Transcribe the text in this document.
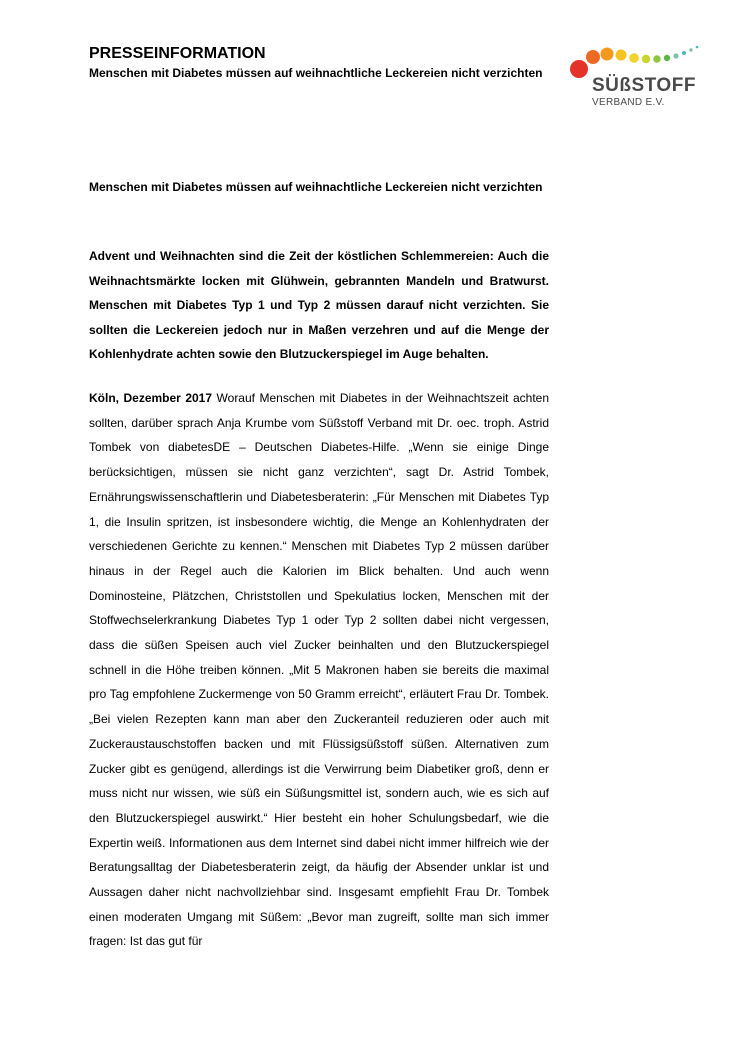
PRESSEINFORMATION
Menschen mit Diabetes müssen auf weihnachtliche Leckereien nicht verzichten
SÜßSTOFF
VERBAND E.V.
Menschen mit Diabetes müssen auf weihnachtliche Leckereien nicht verzichten
Advent und Weihnachten sind die Zeit der köstlichen Schlemmereien: Auch die Weihnachtsmärkte locken mit Glühwein, gebrannten Mandeln und Bratwurst. Menschen mit Diabetes Typ 1 und Typ 2 müssen darauf nicht verzichten. Sie sollten die Leckereien jedoch nur in Maßen verzehren und auf die Menge der Kohlenhydrate achten sowie den Blutzuckerspiegel im Auge behalten.
Köln, Dezember 2017 Worauf Menschen mit Diabetes in der Weihnachtszeit achten sollten, darüber sprach Anja Krumbe vom Süßstoff Verband mit Dr. oec. troph. Astrid Tombek von diabetesDE – Deutschen Diabetes-Hilfe. „Wenn sie einige Dinge berücksichtigen, müssen sie nicht ganz verzichten“, sagt Dr. Astrid Tombek, Ernährungswissenschaftlerin und Diabetesberaterin: „Für Menschen mit Diabetes Typ 1, die Insulin spritzen, ist insbesondere wichtig, die Menge an Kohlenhydraten der verschiedenen Gerichte zu kennen.“ Menschen mit Diabetes Typ 2 müssen darüber hinaus in der Regel auch die Kalorien im Blick behalten. Und auch wenn Dominosteine, Plätzchen, Christstollen und Spekulatius locken, Menschen mit der Stoffwechselerkrankung Diabetes Typ 1 oder Typ 2 sollten dabei nicht vergessen, dass die süßen Speisen auch viel Zucker beinhalten und den Blutzuckerspiegel schnell in die Höhe treiben können. „Mit 5 Makronen haben sie bereits die maximal pro Tag empfohlene Zuckermenge von 50 Gramm erreicht“, erläutert Frau Dr. Tombek. „Bei vielen Rezepten kann man aber den Zuckeranteil reduzieren oder auch mit Zuckeraustauschstoffen backen und mit Flüssigsüßstoff süßen. Alternativen zum Zucker gibt es genügend, allerdings ist die Verwirrung beim Diabetiker groß, denn er muss nicht nur wissen, wie süß ein Süßungsmittel ist, sondern auch, wie es sich auf den Blutzuckerspiegel auswirkt.“ Hier besteht ein hoher Schulungsbedarf, wie die Expertin weiß. Informationen aus dem Internet sind dabei nicht immer hilfreich wie der Beratungsalltag der Diabetesberaterin zeigt, da häufig der Absender unklar ist und Aussagen daher nicht nachvollziehbar sind. Insgesamt empfiehlt Frau Dr. Tombek einen moderaten Umgang mit Süßem: „Bevor man zugreift, sollte man sich immer fragen: Ist das gut für
